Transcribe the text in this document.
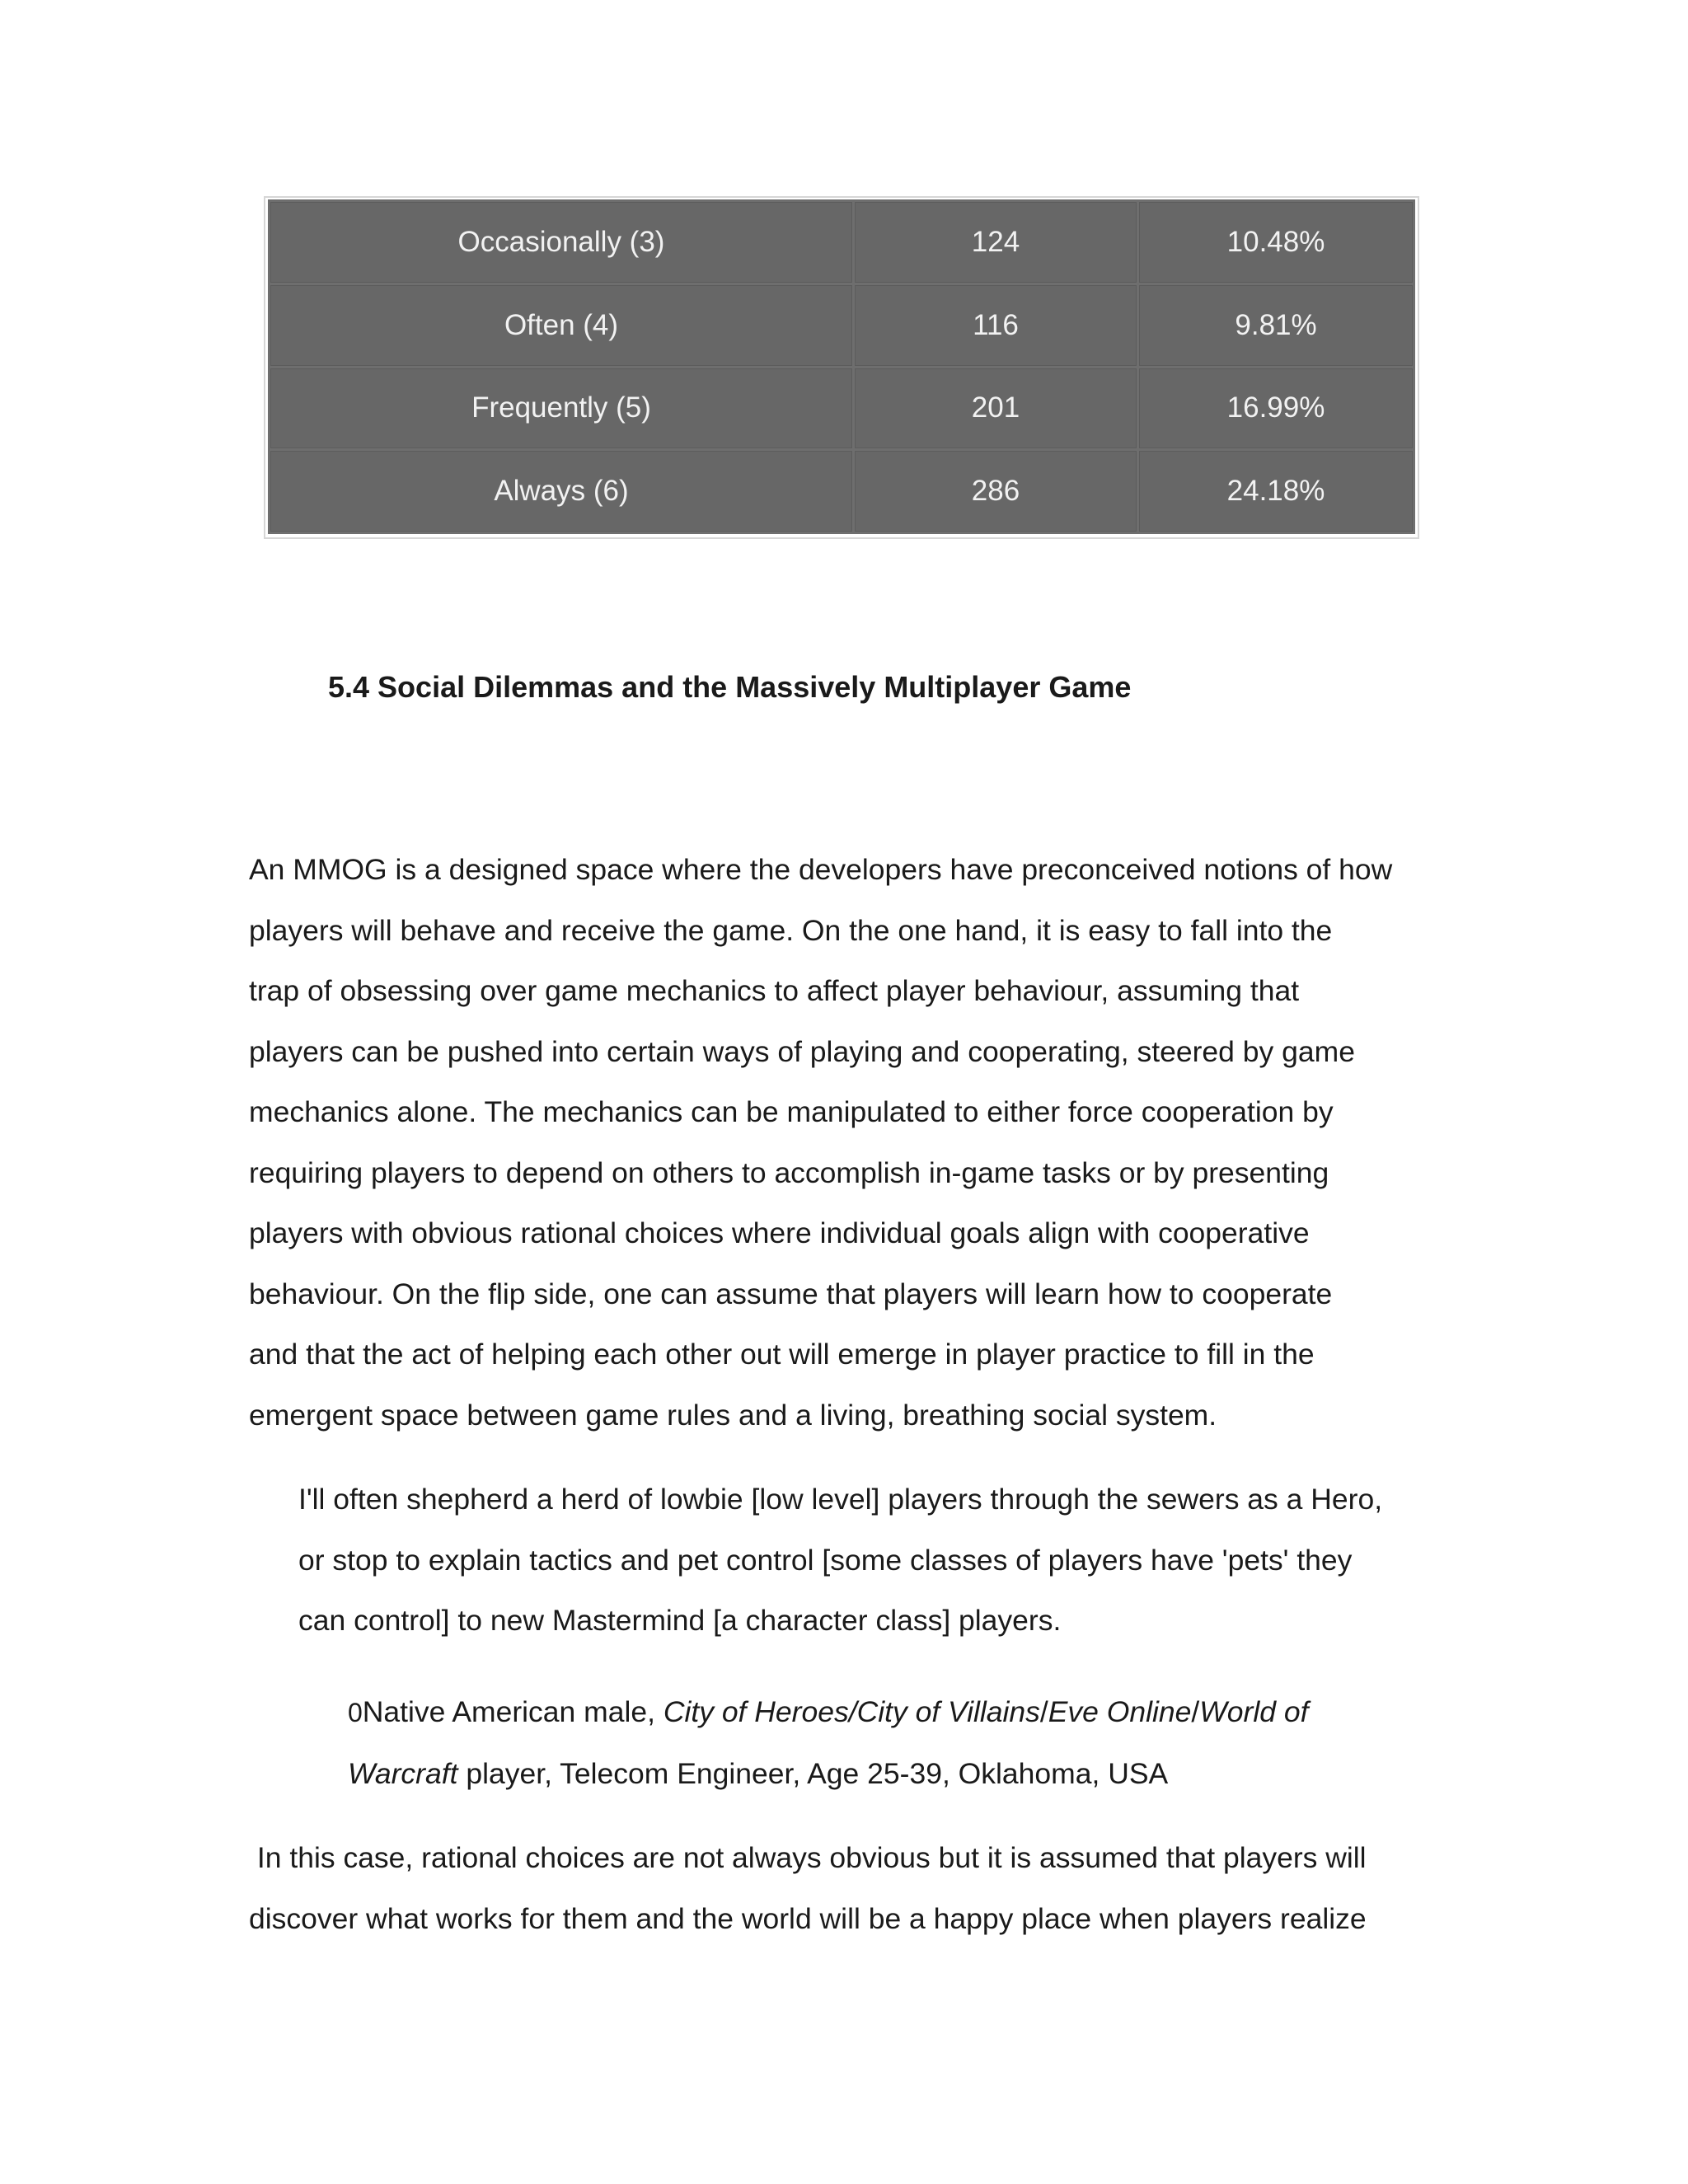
Occasionally (3)	124	10.48%
Often (4)	116	9.81%
Frequently (5)	201	16.99%
Always (6)	286	24.18%
5.4 Social Dilemmas and the Massively Multiplayer Game

An MMOG is a designed space where the developers have preconceived notions of how
players will behave and receive the game. On the one hand, it is easy to fall into the
trap of obsessing over game mechanics to affect player behaviour, assuming that
players can be pushed into certain ways of playing and cooperating, steered by game
mechanics alone. The mechanics can be manipulated to either force cooperation by
requiring players to depend on others to accomplish in-game tasks or by presenting
players with obvious rational choices where individual goals align with cooperative
behaviour. On the flip side, one can assume that players will learn how to cooperate
and that the act of helping each other out will emerge in player practice to fill in the
emergent space between game rules and a living, breathing social system.

I'll often shepherd a herd of lowbie [low level] players through the sewers as a Hero,
or stop to explain tactics and pet control [some classes of players have 'pets' they
can control] to new Mastermind [a character class] players.

0Native American male, City of Heroes/City of Villains/Eve Online/World of
Warcraft player, Telecom Engineer, Age 25-39, Oklahoma, USA

In this case, rational choices are not always obvious but it is assumed that players will
discover what works for them and the world will be a happy place when players realize
